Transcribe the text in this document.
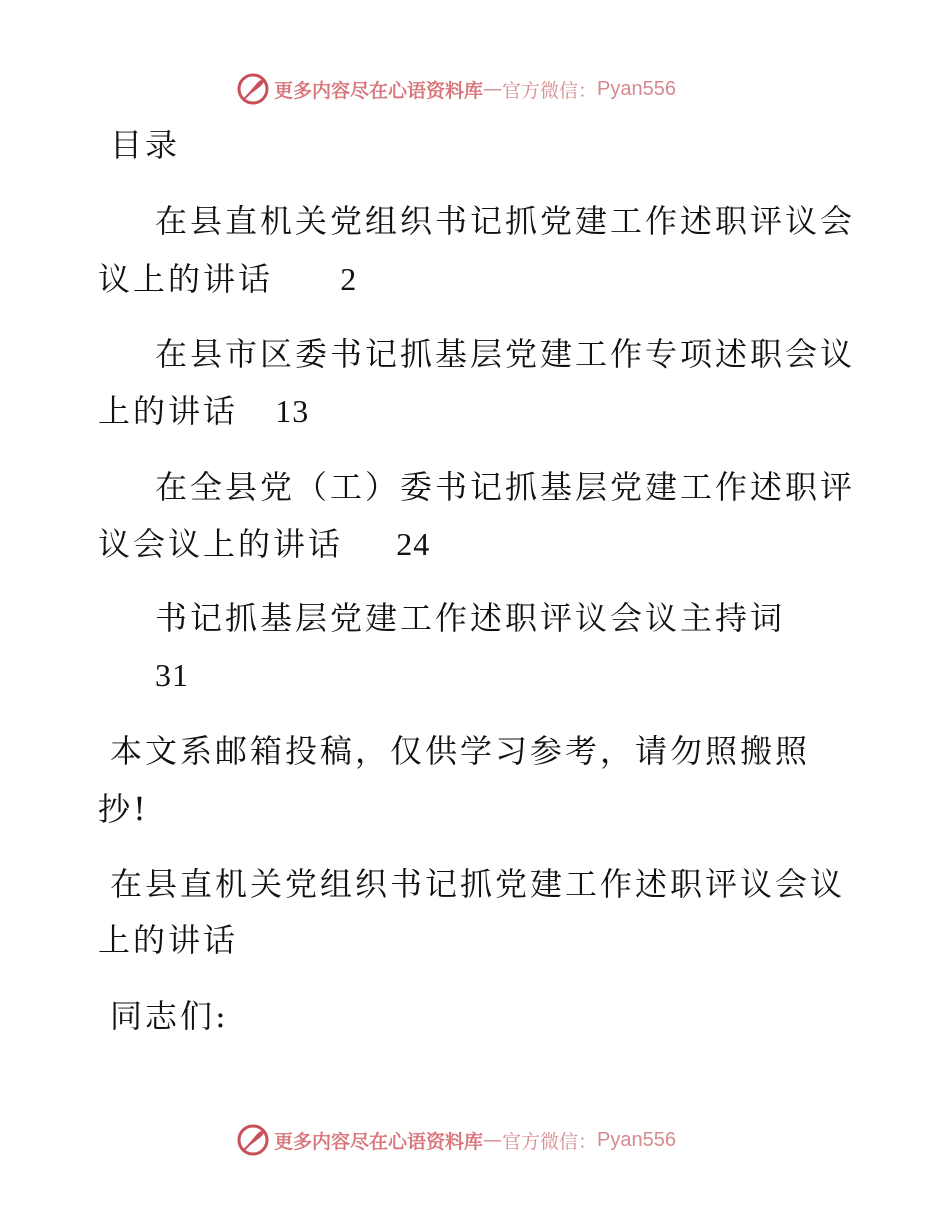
更多内容尽在心语资料库 — 官方微信： Pyan556
目录
在县直机关党组织书记抓党建工作述职评议会
议上的讲话 2
在县市区委书记抓基层党建工作专项述职会议
上的讲话 13
在全县党（工）委书记抓基层党建工作述职评
议会议上的讲话 24
书记抓基层党建工作述职评议会议主持词
31
本文系邮箱投稿，仅供学习参考，请勿照搬照
抄!
在县直机关党组织书记抓党建工作述职评议会议
上的讲话
同志们:
更多内容尽在心语资料库 — 官方微信： Pyan556
